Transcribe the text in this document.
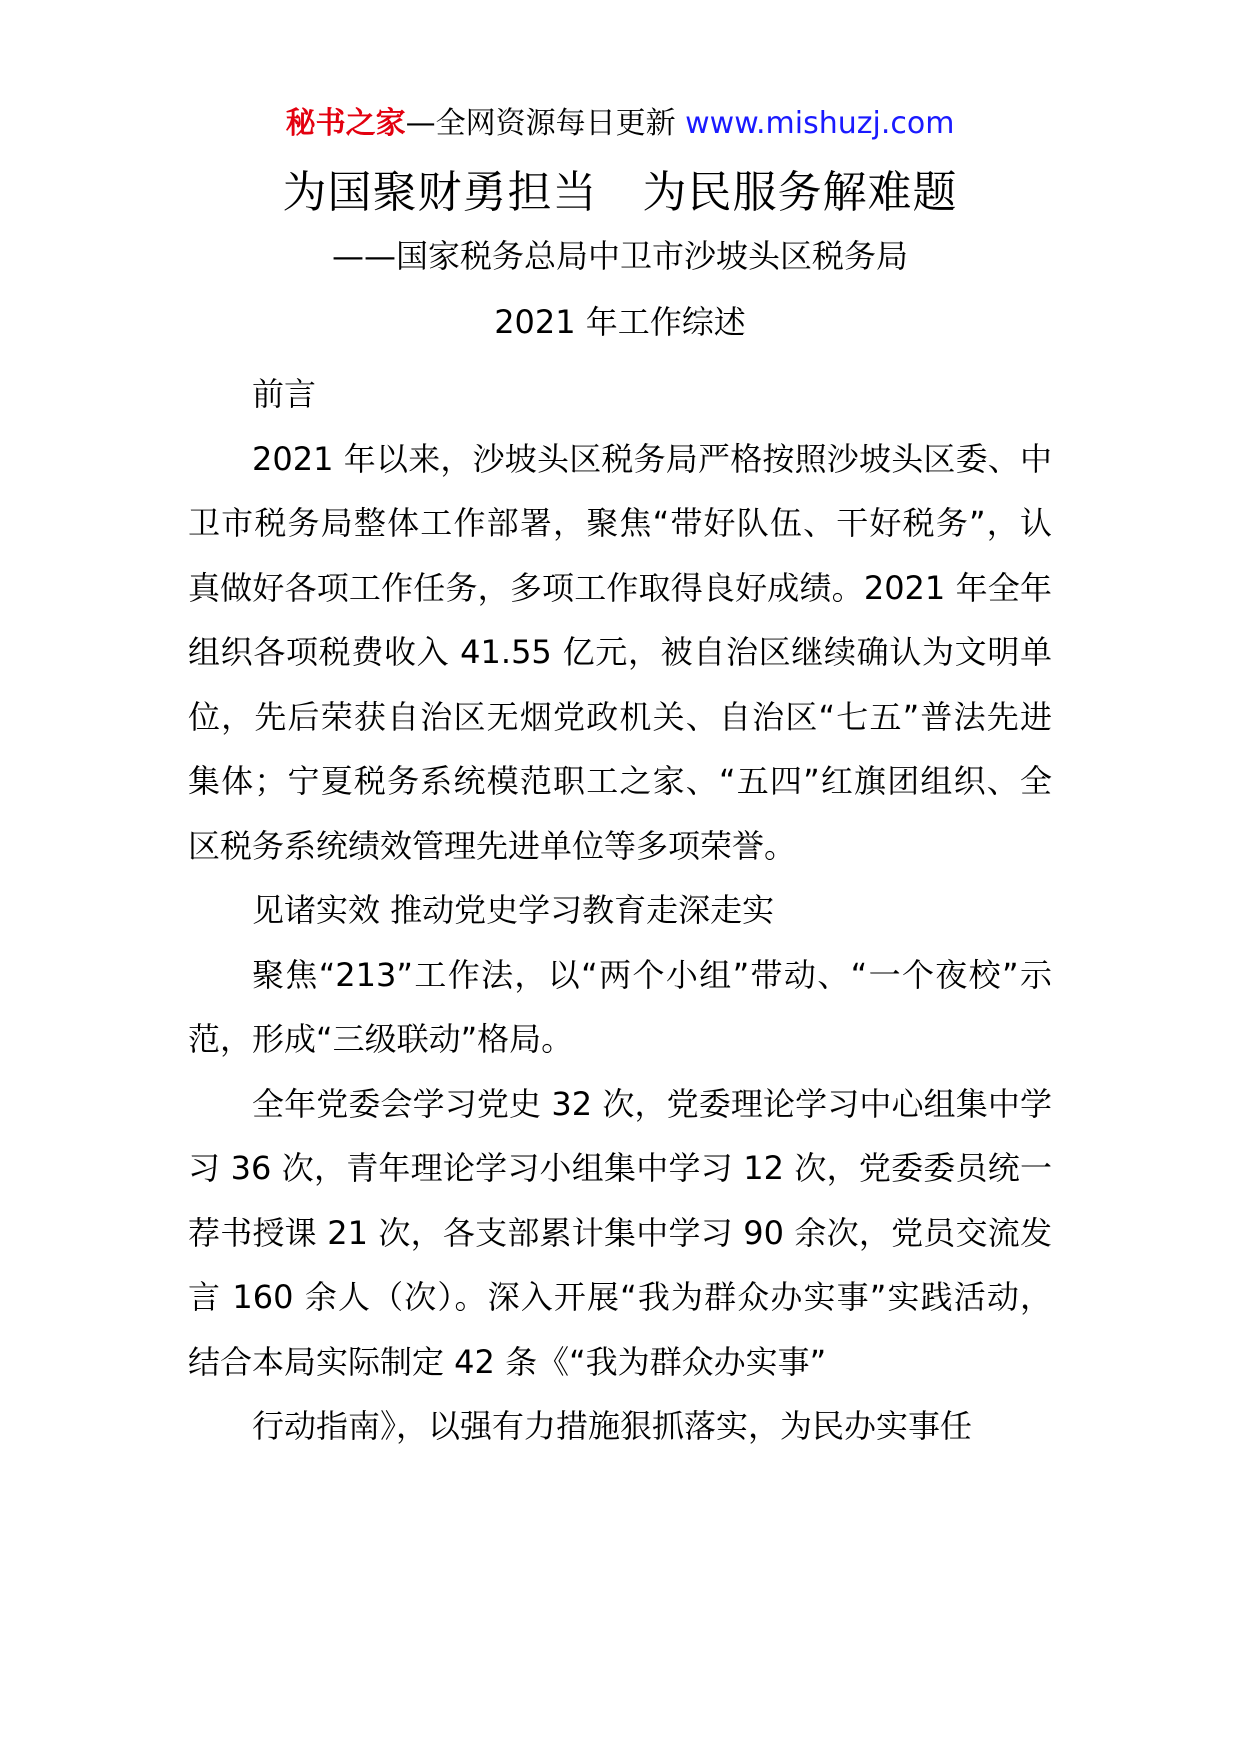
秘书之家—全网资源每日更新 www.mishuzj.com
为国聚财勇担当　为民服务解难题
——国家税务总局中卫市沙坡头区税务局
2021 年工作综述

前言

2021 年以来，沙坡头区税务局严格按照沙坡头区委、中卫市税务局整体工作部署，聚焦“带好队伍、干好税务”，认真做好各项工作任务，多项工作取得良好成绩。2021 年全年组织各项税费收入 41.55 亿元，被自治区继续确认为文明单位，先后荣获自治区无烟党政机关、自治区“七五”普法先进集体；宁夏税务系统模范职工之家、“五四”红旗团组织、全区税务系统绩效管理先进单位等多项荣誉。

见诸实效 推动党史学习教育走深走实

聚焦“213”工作法，以“两个小组”带动、“一个夜校”示范，形成“三级联动”格局。

全年党委会学习党史 32 次，党委理论学习中心组集中学习 36 次，青年理论学习小组集中学习 12 次，党委委员统一荐书授课 21 次，各支部累计集中学习 90 余次，党员交流发言 160 余人（次）。深入开展“我为群众办实事”实践活动，结合本局实际制定 42 条《“我为群众办实事”

行动指南》，以强有力措施狠抓落实，为民办实事任
